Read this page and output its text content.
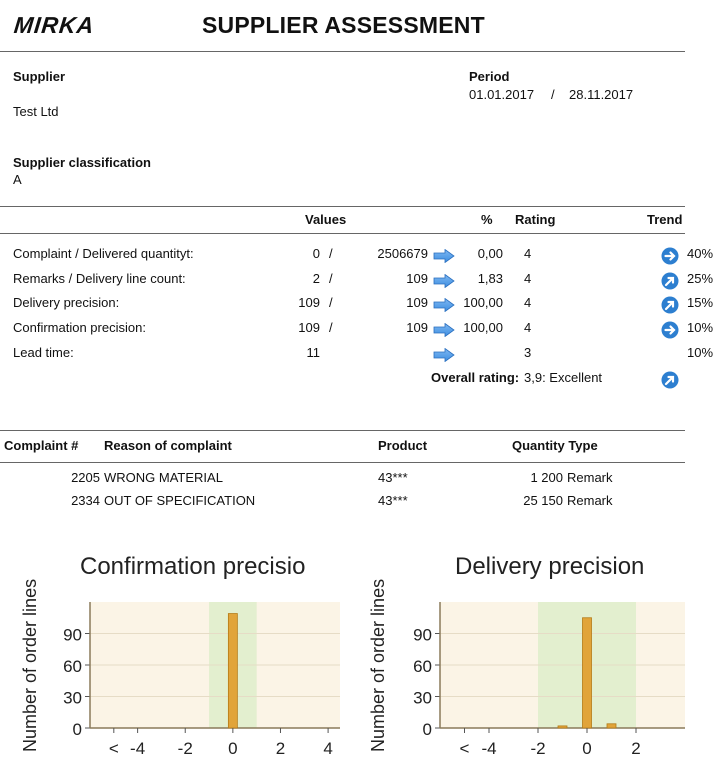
MIRKA	SUPPLIER ASSESSMENT
Supplier
Test Ltd
Period
01.01.2017 / 28.11.2017
Supplier classification
A
Values	% Rating	Trend
Complaint / Delivered quantityt:	0 /	2506679	0,00 4	40%
Remarks / Delivery line count:	2 /	109	1,83 4	25%
Delivery precision:	109 /	109	100,00 4	15%
Confirmation precision:	109 /	109	100,00 4	10%
Lead time:	11	3	10%
Overall rating: 3,9: Excellent
Complaint # Reason of complaint	Product	Quantity Type
2205 WRONG MATERIAL	43***	1 200 Remark
2334 OUT OF SPECIFICATION	43***	25 150 Remark
Confirmation precisio
Number of order lines 0
30
60
90
< -4 -2 0 2 4
Delivery precision
Number of order lines 0
30
60
90
< -4 -2 0 2
